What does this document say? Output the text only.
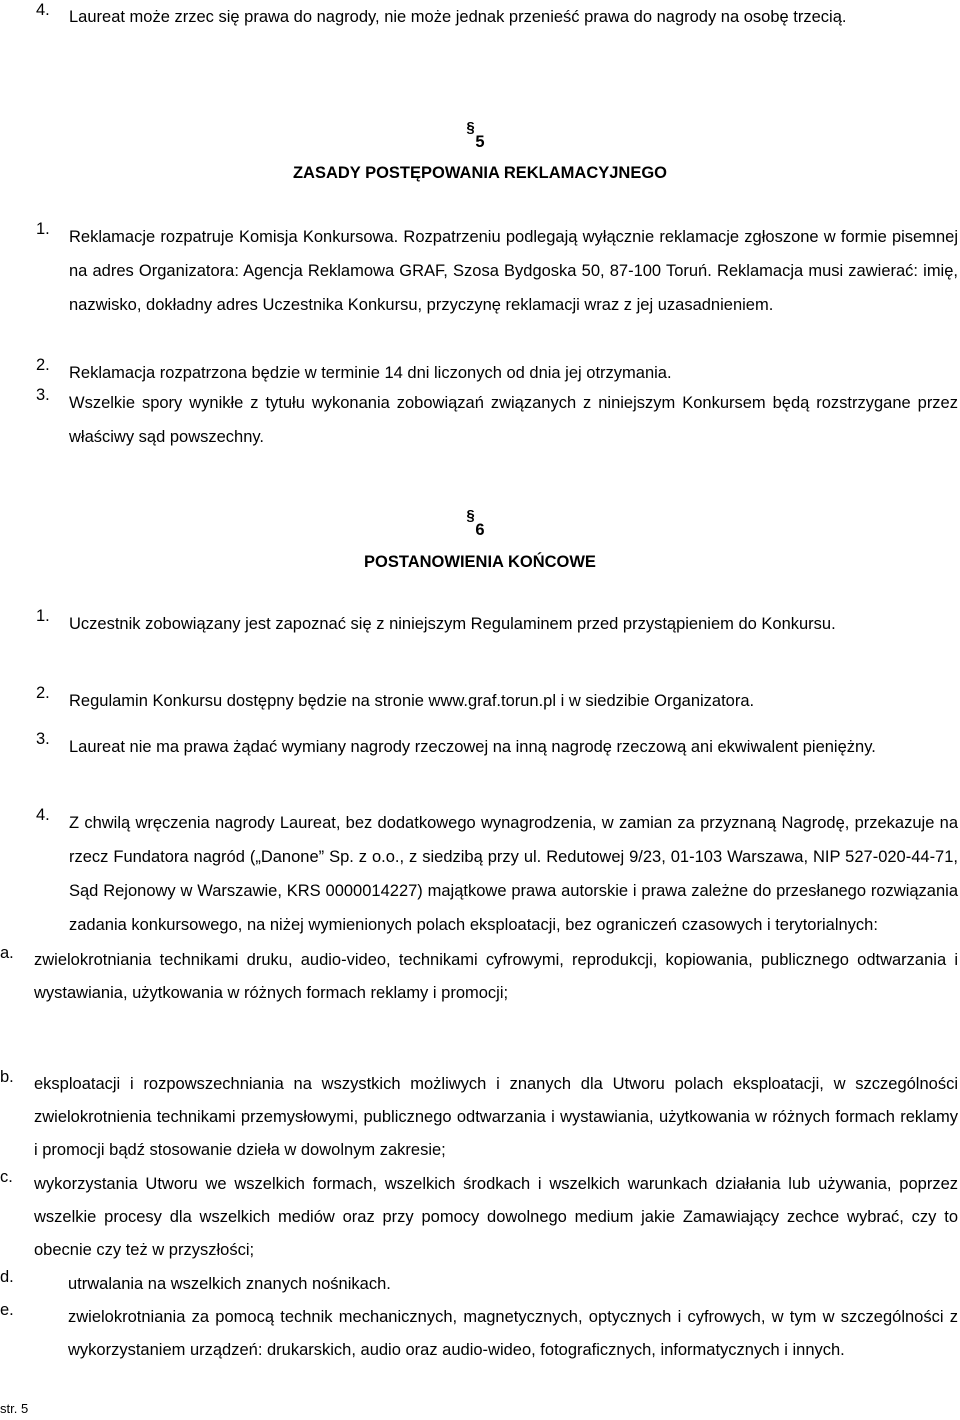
4. Laureat może zrzec się prawa do nagrody, nie może jednak przenieść prawa do nagrody na osobę trzecią.
§
5
ZASADY POSTĘPOWANIA REKLAMACYJNEGO
1. Reklamacje rozpatruje Komisja Konkursowa. Rozpatrzeniu podlegają wyłącznie reklamacje zgłoszone w formie pisemnej na adres Organizatora: Agencja Reklamowa GRAF, Szosa Bydgoska 50, 87-100 Toruń. Reklamacja musi zawierać: imię, nazwisko, dokładny adres Uczestnika Konkursu, przyczynę reklamacji wraz z jej uzasadnieniem.
2. Reklamacja rozpatrzona będzie w terminie 14 dni liczonych od dnia jej otrzymania.
3. Wszelkie spory wynikłe z tytułu wykonania zobowiązań związanych z niniejszym Konkursem będą rozstrzygane przez właściwy sąd powszechny.
§
6
POSTANOWIENIA KOŃCOWE
1. Uczestnik zobowiązany jest zapoznać się z niniejszym Regulaminem przed przystąpieniem do Konkursu.
2. Regulamin Konkursu dostępny będzie na stronie www.graf.torun.pl i w siedzibie Organizatora.
3. Laureat nie ma prawa żądać wymiany nagrody rzeczowej na inną nagrodę rzeczową ani ekwiwalent pieniężny.
4. Z chwilą wręczenia nagrody Laureat, bez dodatkowego wynagrodzenia, w zamian za przyznaną Nagrodę, przekazuje na rzecz Fundatora nagród („Danone” Sp. z o.o., z siedzibą przy ul. Redutowej 9/23, 01-103 Warszawa, NIP 527-020-44-71, Sąd Rejonowy w Warszawie, KRS 0000014227) majątkowe prawa autorskie i prawa zależne do przesłanego rozwiązania zadania konkursowego, na niżej wymienionych polach eksploatacji, bez ograniczeń czasowych i terytorialnych:
a. zwielokrotniania technikami druku, audio-video, technikami cyfrowymi, reprodukcji, kopiowania, publicznego odtwarzania i wystawiania, użytkowania w różnych formach reklamy i promocji;
b. eksploatacji i rozpowszechniania na wszystkich możliwych i znanych dla Utworu polach eksploatacji, w szczególności zwielokrotnienia technikami przemysłowymi, publicznego odtwarzania i wystawiania, użytkowania w różnych formach reklamy i promocji bądź stosowanie dzieła w dowolnym zakresie;
c. wykorzystania Utworu we wszelkich formach, wszelkich środkach i wszelkich warunkach działania lub używania, poprzez wszelkie procesy dla wszelkich mediów oraz przy pomocy dowolnego medium jakie Zamawiający zechce wybrać, czy to obecnie czy też w przyszłości;
d.	utrwalania na wszelkich znanych nośnikach.
e.	zwielokrotniania za pomocą technik mechanicznych, magnetycznych, optycznych i cyfrowych, w tym w szczególności z wykorzystaniem urządzeń: drukarskich, audio oraz audio-wideo, fotograficznych, informatycznych i innych.
str. 5
